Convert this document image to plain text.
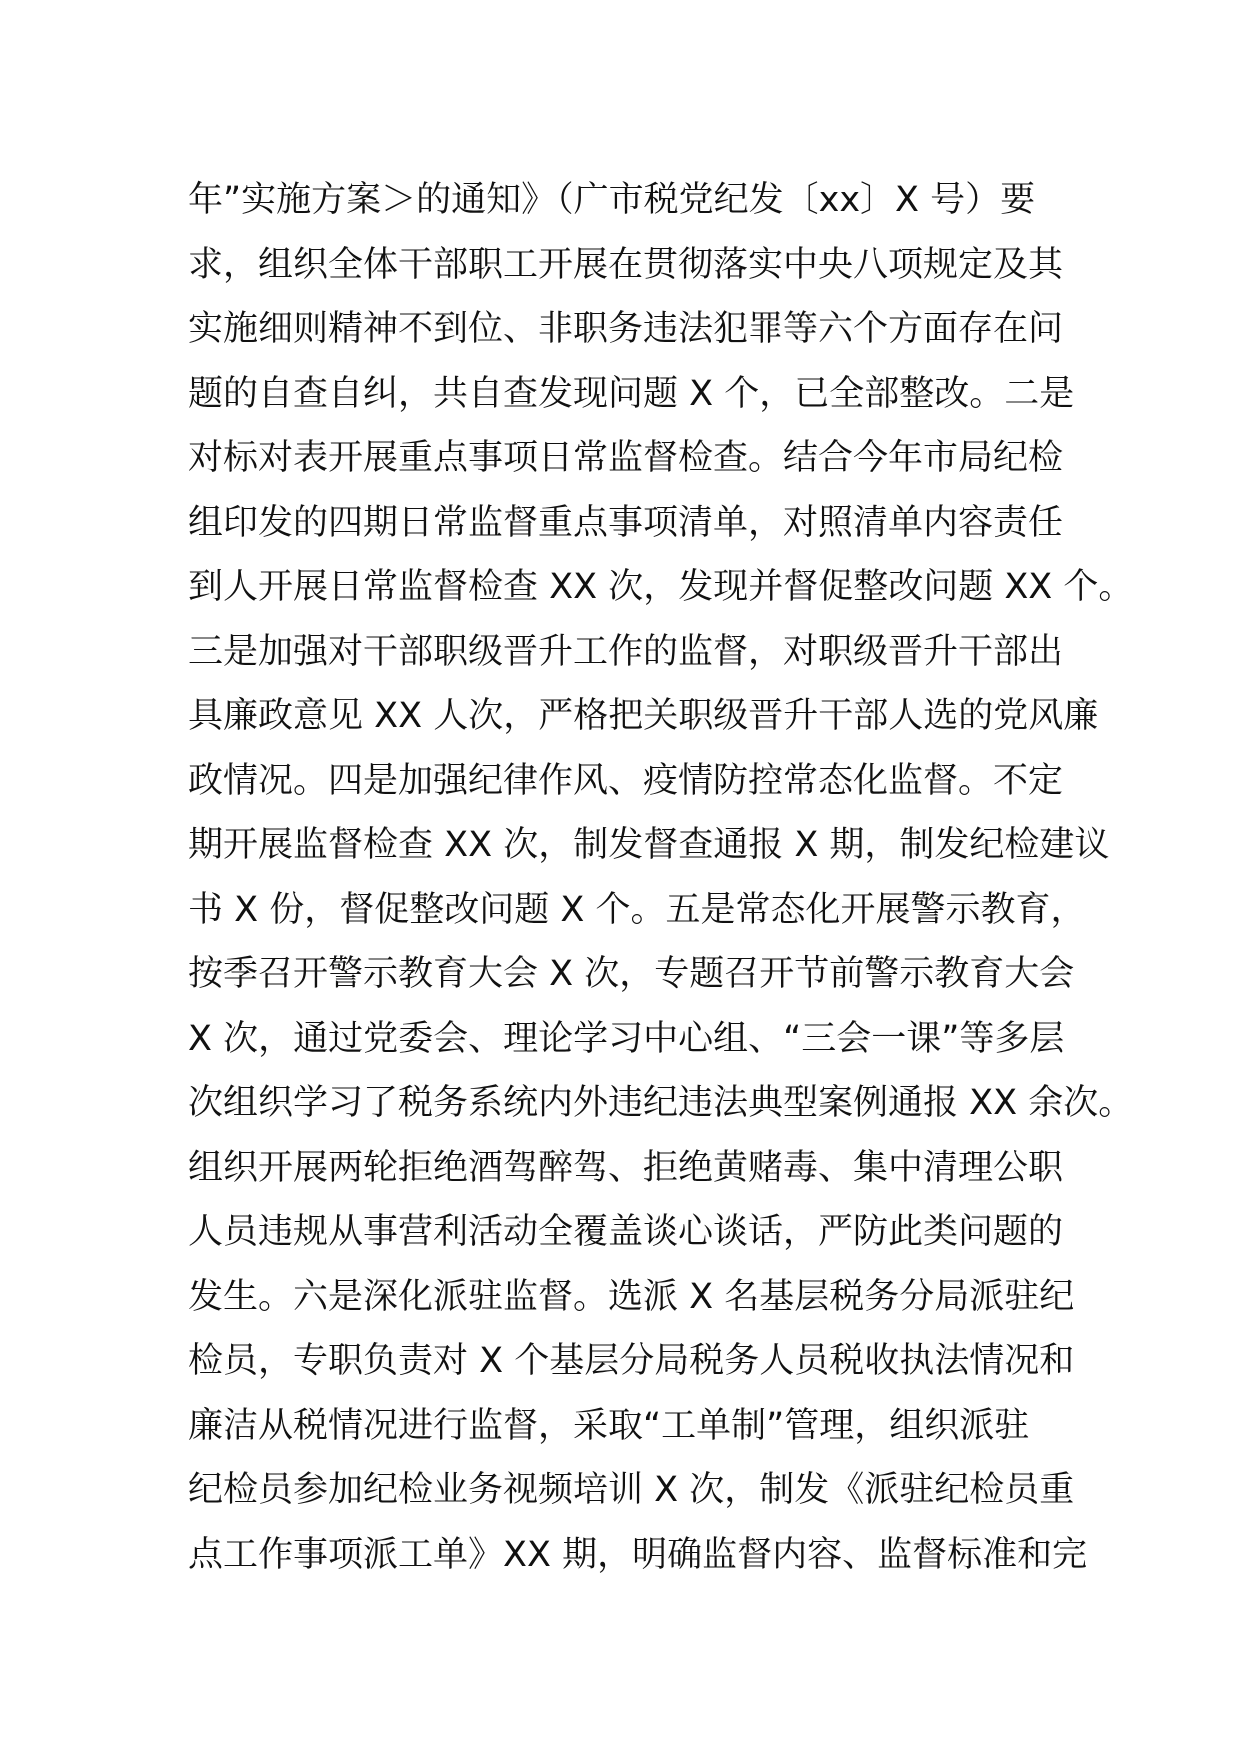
年”实施方案＞的通知》（广市税党纪发〔xx〕X 号）要
求，组织全体干部职工开展在贯彻落实中央八项规定及其
实施细则精神不到位、非职务违法犯罪等六个方面存在问
题的自查自纠，共自查发现问题 X 个，已全部整改。二是
对标对表开展重点事项日常监督检查。结合今年市局纪检
组印发的四期日常监督重点事项清单，对照清单内容责任
到人开展日常监督检查 XX 次，发现并督促整改问题 XX 个。
三是加强对干部职级晋升工作的监督，对职级晋升干部出
具廉政意见 XX 人次，严格把关职级晋升干部人选的党风廉
政情况。四是加强纪律作风、疫情防控常态化监督。不定
期开展监督检查 XX 次，制发督查通报 X 期，制发纪检建议
书 X 份，督促整改问题 X 个。五是常态化开展警示教育，
按季召开警示教育大会 X 次，专题召开节前警示教育大会
X 次，通过党委会、理论学习中心组、“三会一课”等多层
次组织学习了税务系统内外违纪违法典型案例通报 XX 余次。
组织开展两轮拒绝酒驾醉驾、拒绝黄赌毒、集中清理公职
人员违规从事营利活动全覆盖谈心谈话，严防此类问题的
发生。六是深化派驻监督。选派 X 名基层税务分局派驻纪
检员，专职负责对 X 个基层分局税务人员税收执法情况和
廉洁从税情况进行监督，采取“工单制”管理，组织派驻
纪检员参加纪检业务视频培训 X 次，制发《派驻纪检员重
点工作事项派工单》XX 期，明确监督内容、监督标准和完
